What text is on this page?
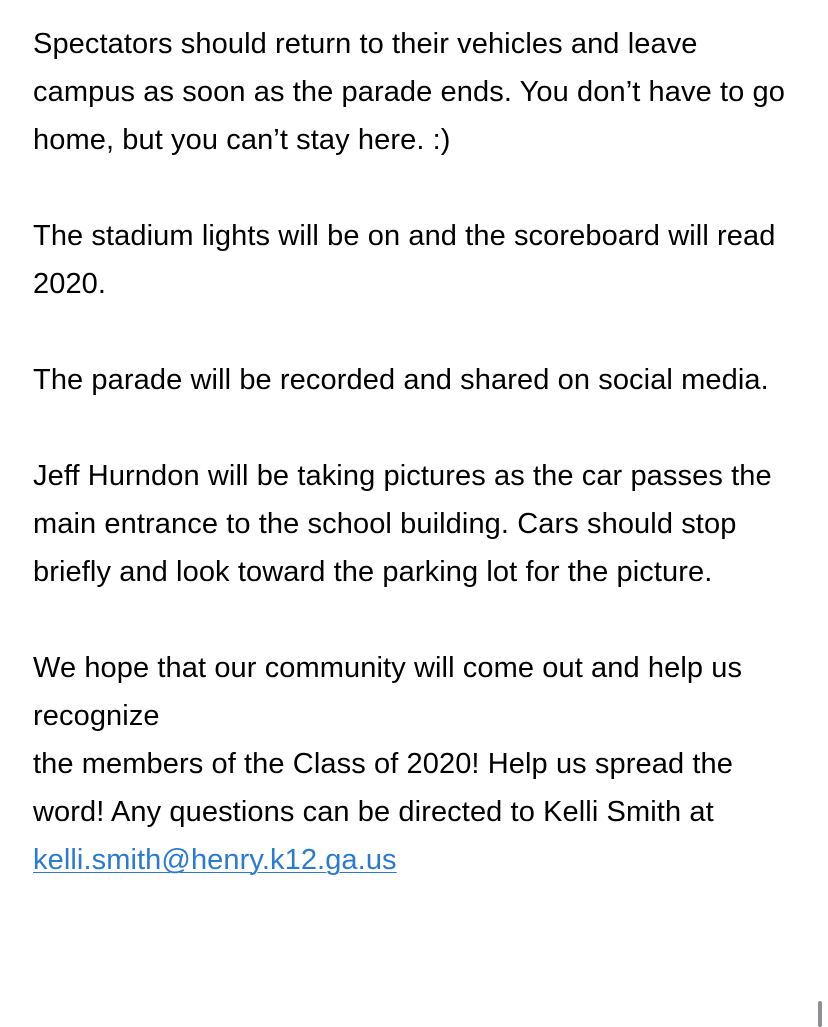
Spectators should return to their vehicles and leave campus as soon as the parade ends. You don’t have to go home, but you can’t stay here. :)

The stadium lights will be on and the scoreboard will read 2020.

The parade will be recorded and shared on social media.

Jeff Hurndon will be taking pictures as the car passes the main entrance to the school building. Cars should stop briefly and look toward the parking lot for the picture.

We hope that our community will come out and help us recognize
the members of the Class of 2020! Help us spread the word! Any questions can be directed to Kelli Smith at kelli.smith@henry.k12.ga.us
